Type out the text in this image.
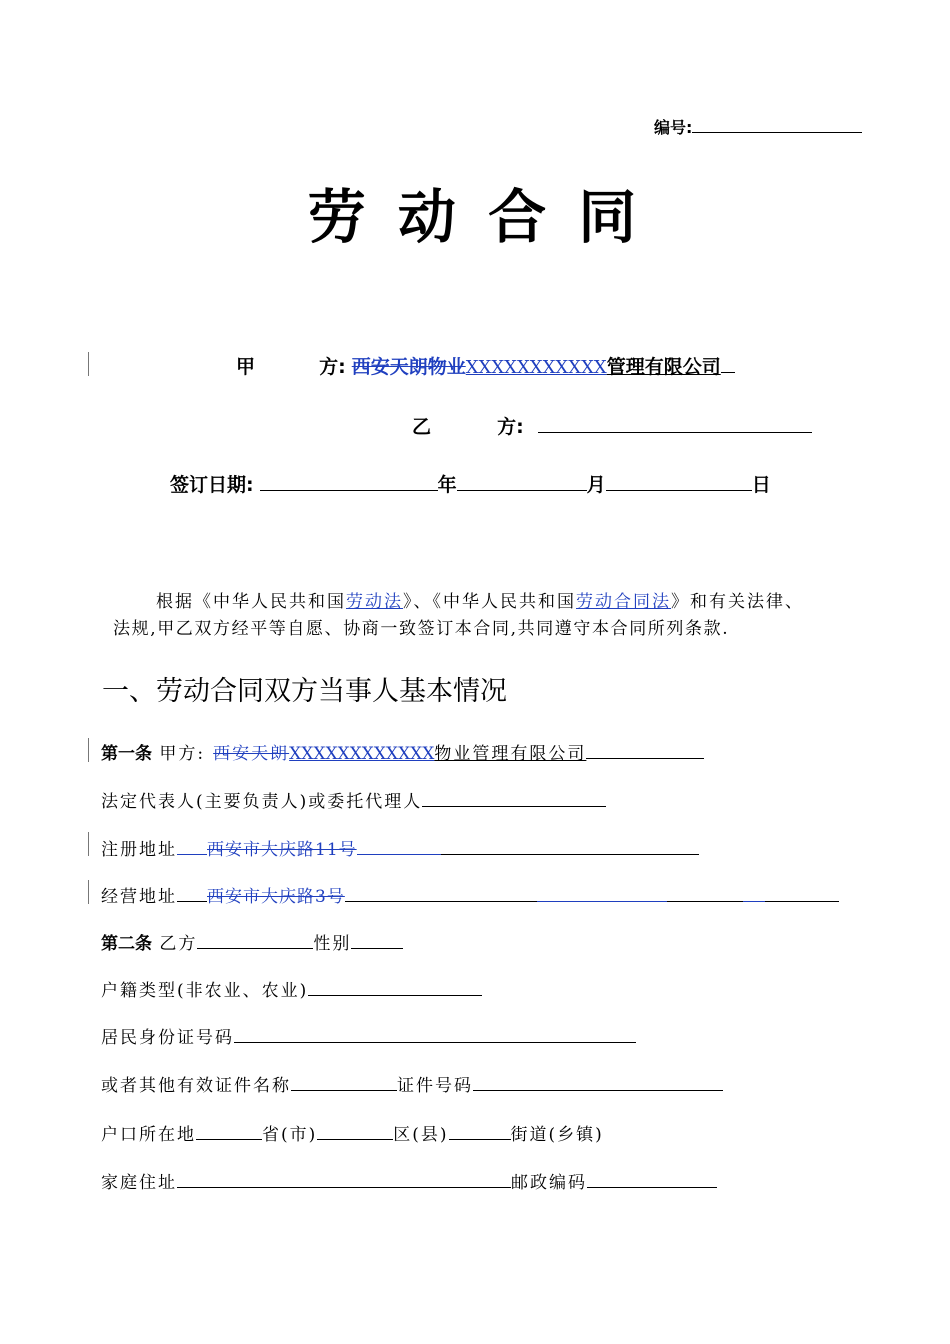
编号:
劳 动 合 同
甲	方: 西安天朗物业XXXXXXXXXXX管理有限公司
乙	方:
签订日期:	年	月	日
根据《中华人民共和国劳动法》、《中华人民共和国劳动合同法》和有关法律、
法规,甲乙双方经平等自愿、协商一致签订本合同,共同遵守本合同所列条款.
一、劳动合同双方当事人基本情况
第一条 甲方: 西安天朗XXXXXXXXXXXX物业管理有限公司
法定代表人(主要负责人)或委托代理人
注册地址 西安市大庆路11号
经营地址 西安市大庆路3号
第二条 乙方	性别
户籍类型(非农业、农业)
居民身份证号码
或者其他有效证件名称	证件号码
户口所在地	省(市)	区(县)	街道(乡镇)
家庭住址	邮政编码
